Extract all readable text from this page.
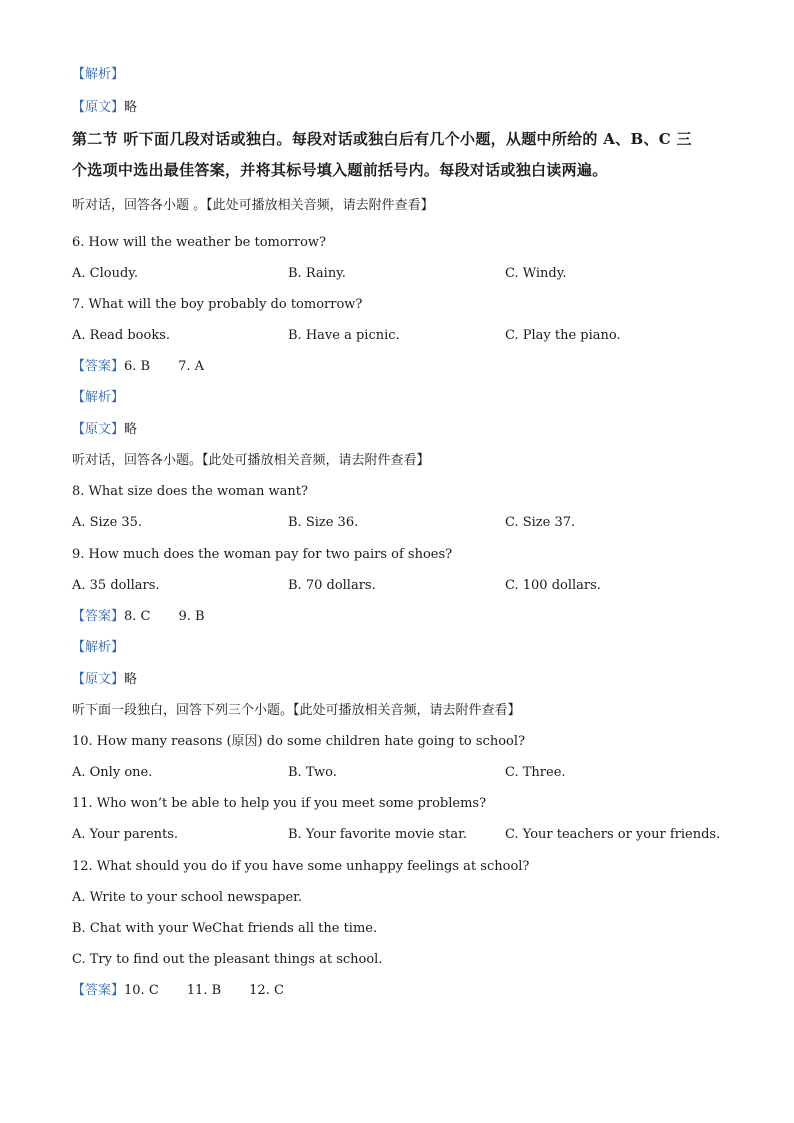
【解析】
【原文】略
第二节 听下面几段对话或独白。每段对话或独白后有几个小题，从题中所给的 A、B、C 三
个选项中选出最佳答案，并将其标号填入题前括号内。每段对话或独白读两遍。
听对话，回答各小题 。【此处可播放相关音频，请去附件查看】
6. How will the weather be tomorrow?
A. Cloudy.	B. Rainy.	C. Windy.
7. What will the boy probably do tomorrow?
A. Read books.	B. Have a picnic.	C. Play the piano.
【答案】6. B 7. A
【解析】
【原文】略
听对话，回答各小题。【此处可播放相关音频，请去附件查看】
8. What size does the woman want?
A. Size 35.	B. Size 36.	C. Size 37.
9. How much does the woman pay for two pairs of shoes?
A. 35 dollars.	B. 70 dollars.	C. 100 dollars.
【答案】8. C 9. B
【解析】
【原文】略
听下面一段独白，回答下列三个小题。【此处可播放相关音频，请去附件查看】
10. How many reasons (原因) do some children hate going to school?
A. Only one.	B. Two.	C. Three.
11. Who won’t be able to help you if you meet some problems?
A. Your parents.	B. Your favorite movie star.	C. Your teachers or your friends.
12. What should you do if you have some unhappy feelings at school?
A. Write to your school newspaper.
B. Chat with your WeChat friends all the time.
C. Try to find out the pleasant things at school.
【答案】10. C 11. B 12. C
